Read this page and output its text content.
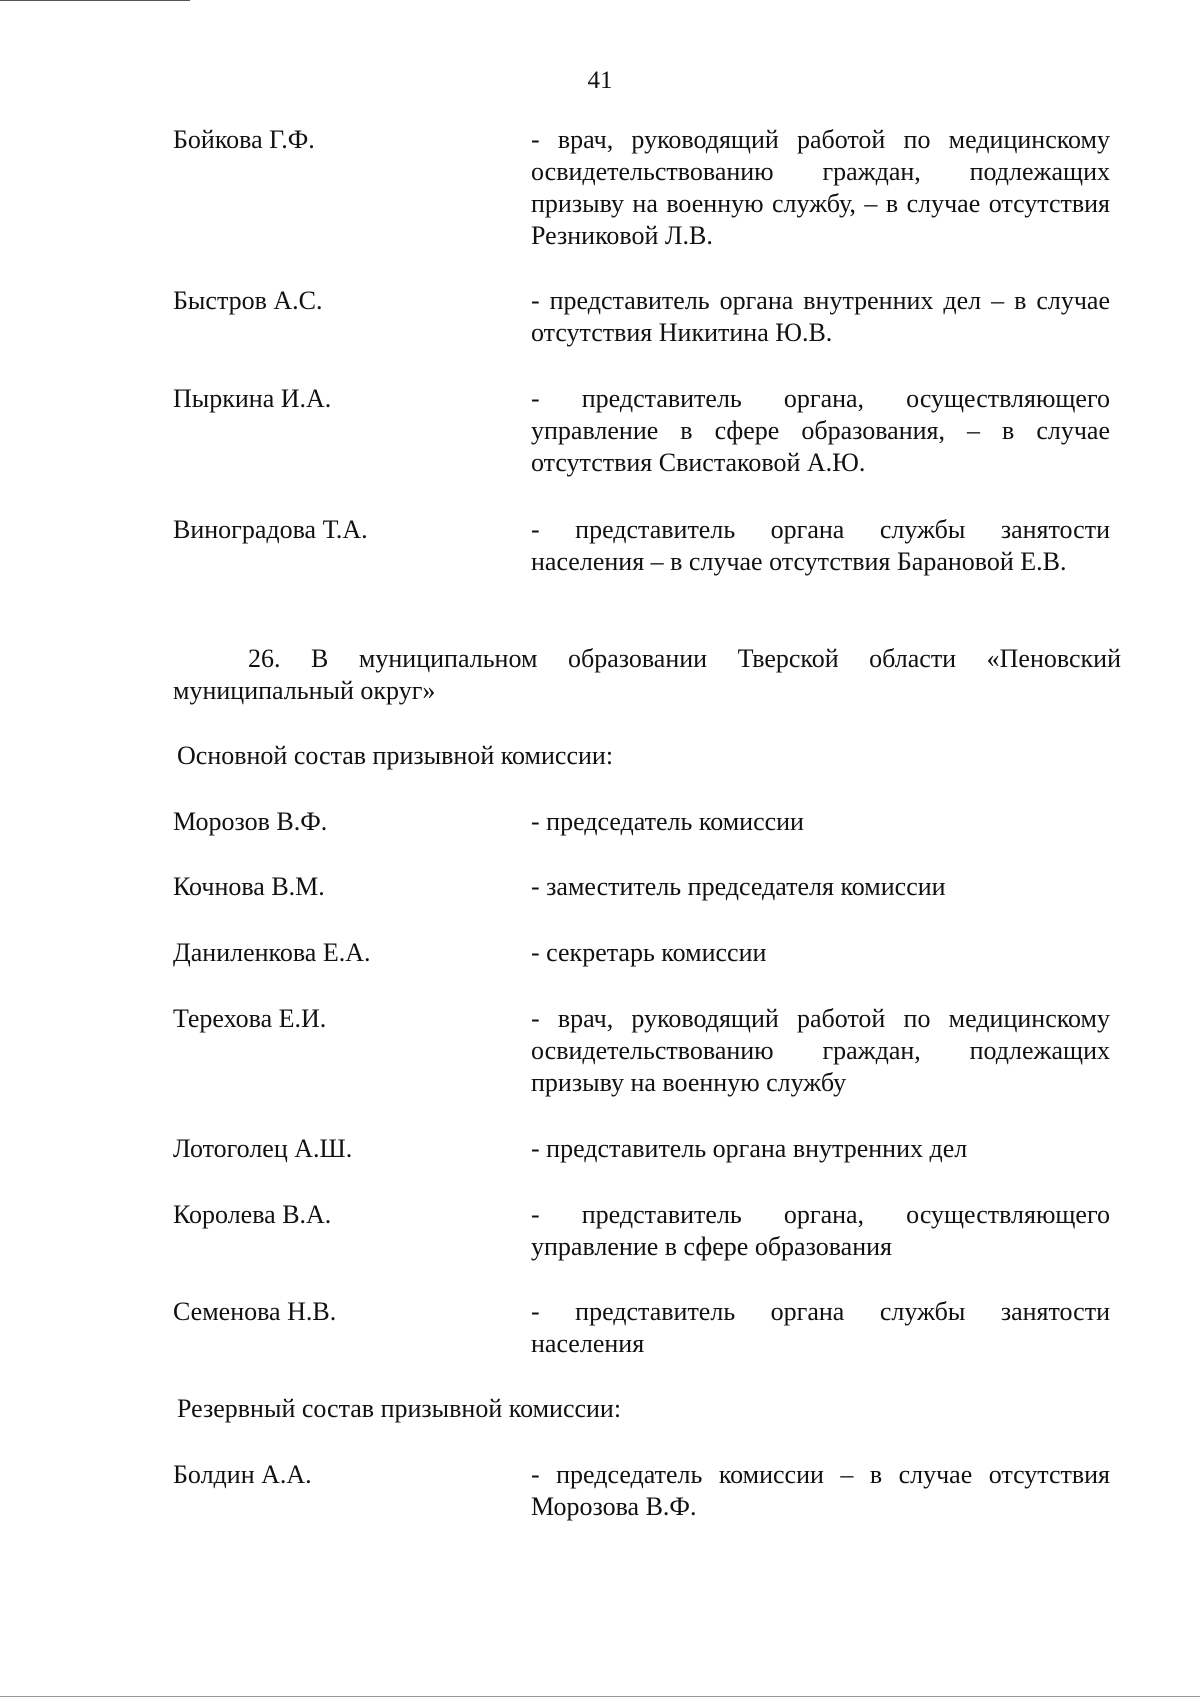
41
Бойкова Г.Ф.	- врач, руководящий работой по медицинскому освидетельствованию граждан, подлежащих призыву на военную службу, – в случае отсутствия Резниковой Л.В.
Быстров А.С.	- представитель органа внутренних дел – в случае отсутствия Никитина Ю.В.
Пыркина И.А.	- представитель органа, осуществляющего управление в сфере образования, – в случае отсутствия Свистаковой А.Ю.
Виноградова Т.А.	- представитель органа службы занятости населения – в случае отсутствия Барановой Е.В.
26. В муниципальном образовании Тверской области «Пеновский муниципальный округ»
Основной состав призывной комиссии:
Морозов В.Ф.	- председатель комиссии
Кочнова В.М.	- заместитель председателя комиссии
Даниленкова Е.А.	- секретарь комиссии
Терехова Е.И.	- врач, руководящий работой по медицинскому освидетельствованию граждан, подлежащих призыву на военную службу
Лотоголец А.Ш.	- представитель органа внутренних дел
Королева В.А.	- представитель органа, осуществляющего управление в сфере образования
Семенова Н.В.	- представитель органа службы занятости населения
Резервный состав призывной комиссии:
Болдин А.А.	- председатель комиссии – в случае отсутствия Морозова В.Ф.
